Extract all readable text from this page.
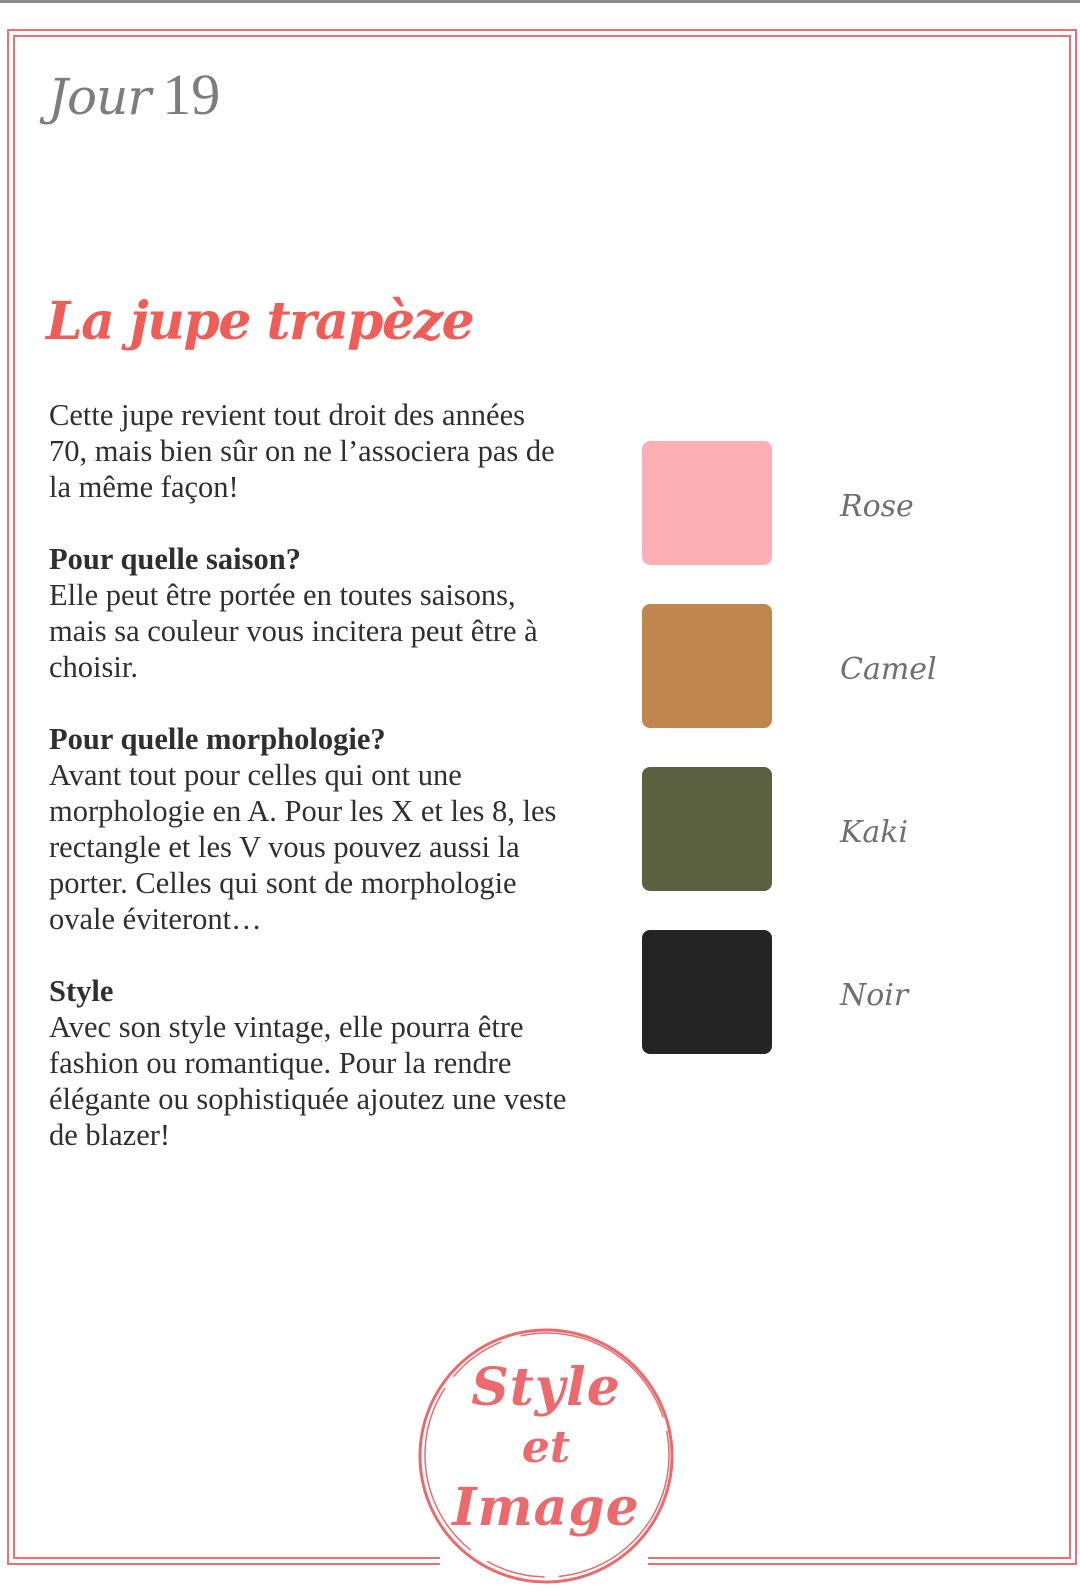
Jour 19
La jupe trapèze

Cette jupe revient tout droit des années 70, mais bien sûr on ne l’associera pas de la même façon!

Pour quelle saison?
Elle peut être portée en toutes saisons, mais sa couleur vous incitera peut être à choisir.

Pour quelle morphologie?
Avant tout pour celles qui ont une morphologie en A. Pour les X et les 8, les rectangle et les V vous pouvez aussi la porter. Celles qui sont de morphologie ovale éviteront…

Style
Avec son style vintage, elle pourra être fashion ou romantique. Pour la rendre élégante ou sophistiquée ajoutez une veste de blazer!

Rose
Camel
Kaki
Noir
Style
et
Image
